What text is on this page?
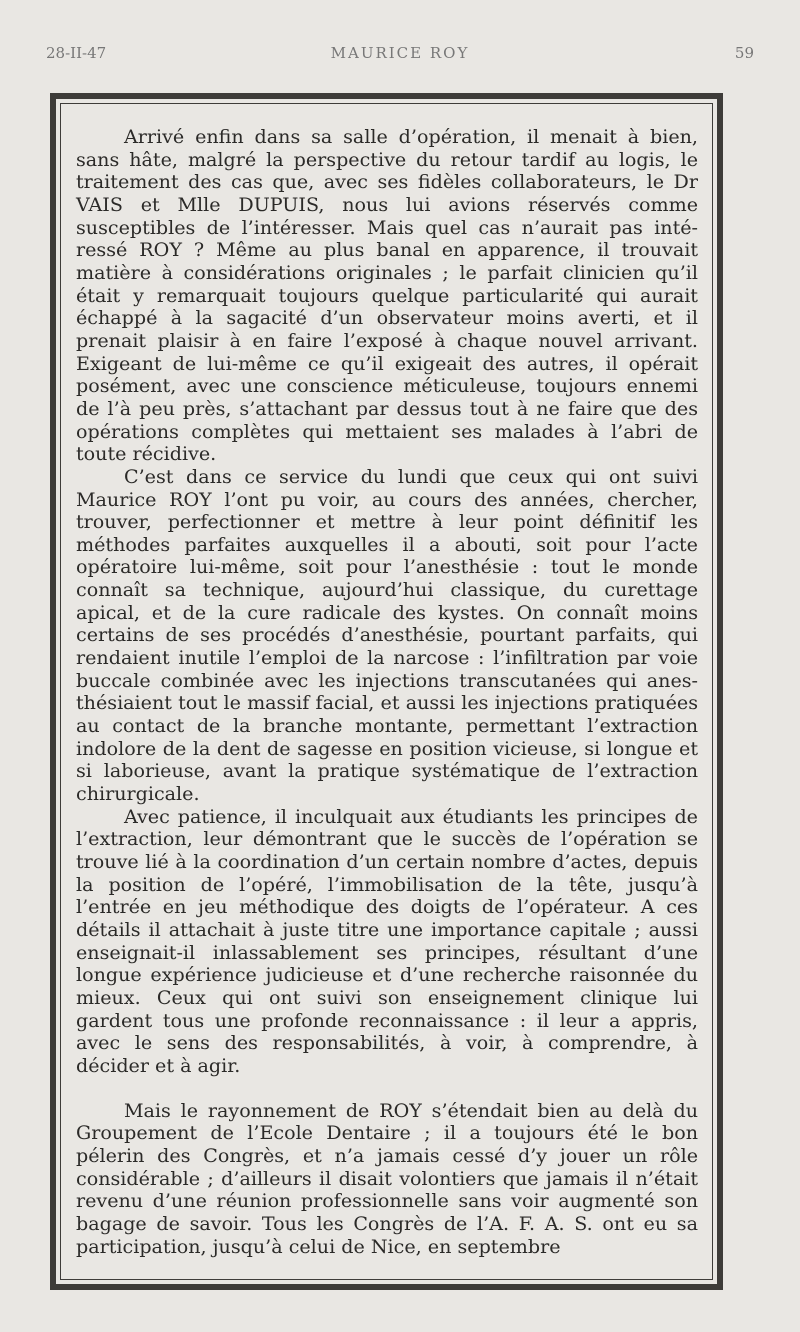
28-II-47	MAURICE ROY	59

Arrivé enfin dans sa salle d’opération, il menait à bien, sans hâte, malgré la perspective du retour tardif au logis, le traitement des cas que, avec ses fidèles collaborateurs, le Dr VAIS et Mlle DUPUIS, nous lui avions réservés comme susceptibles de l’intéresser. Mais quel cas n’aurait pas intéressé ROY ? Même au plus banal en apparence, il trouvait matière à considérations originales ; le parfait clinicien qu’il était y remarquait toujours quelque particularité qui aurait échappé à la sagacité d’un observateur moins averti, et il prenait plaisir à en faire l’exposé à chaque nouvel arrivant. Exigeant de lui-même ce qu’il exigeait des autres, il opérait posément, avec une conscience méticuleuse, toujours ennemi de l’à peu près, s’attachant par dessus tout à ne faire que des opérations complètes qui mettaient ses malades à l’abri de toute récidive.

C’est dans ce service du lundi que ceux qui ont suivi Maurice ROY l’ont pu voir, au cours des années, chercher, trouver, perfectionner et mettre à leur point définitif les méthodes parfaites auxquelles il a abouti, soit pour l’acte opératoire lui-même, soit pour l’anesthésie : tout le monde connaît sa technique, aujourd’hui classique, du curettage apical, et de la cure radicale des kystes. On connaît moins certains de ses procédés d’anesthésie, pourtant parfaits, qui rendaient inutile l’emploi de la narcose : l’infiltration par voie buccale combinée avec les injections transcutanées qui anesthésiaient tout le massif facial, et aussi les injections pratiquées au contact de la branche montante, permettant l’extraction indolore de la dent de sagesse en position vicieuse, si longue et si laborieuse, avant la pratique systématique de l’extraction chirurgicale.

Avec patience, il inculquait aux étudiants les principes de l’extraction, leur démontrant que le succès de l’opération se trouve lié à la coordination d’un certain nombre d’actes, depuis la position de l’opéré, l’immobilisation de la tête, jusqu’à l’entrée en jeu méthodique des doigts de l’opérateur. A ces détails il attachait à juste titre une importance capitale ; aussi enseignait-il inlassablement ses principes, résultant d’une longue expérience judicieuse et d’une recherche raisonnée du mieux. Ceux qui ont suivi son enseignement clinique lui gardent tous une profonde reconnaissance : il leur a appris, avec le sens des responsabilités, à voir, à comprendre, à décider et à agir.

Mais le rayonnement de ROY s’étendait bien au delà du Groupement de l’Ecole Dentaire ; il a toujours été le bon pélerin des Congrès, et n’a jamais cessé d’y jouer un rôle considérable ; d’ailleurs il disait volontiers que jamais il n’était revenu d’une réunion professionnelle sans voir augmenté son bagage de savoir. Tous les Congrès de l’A. F. A. S. ont eu sa participation, jusqu’à celui de Nice, en septembre
